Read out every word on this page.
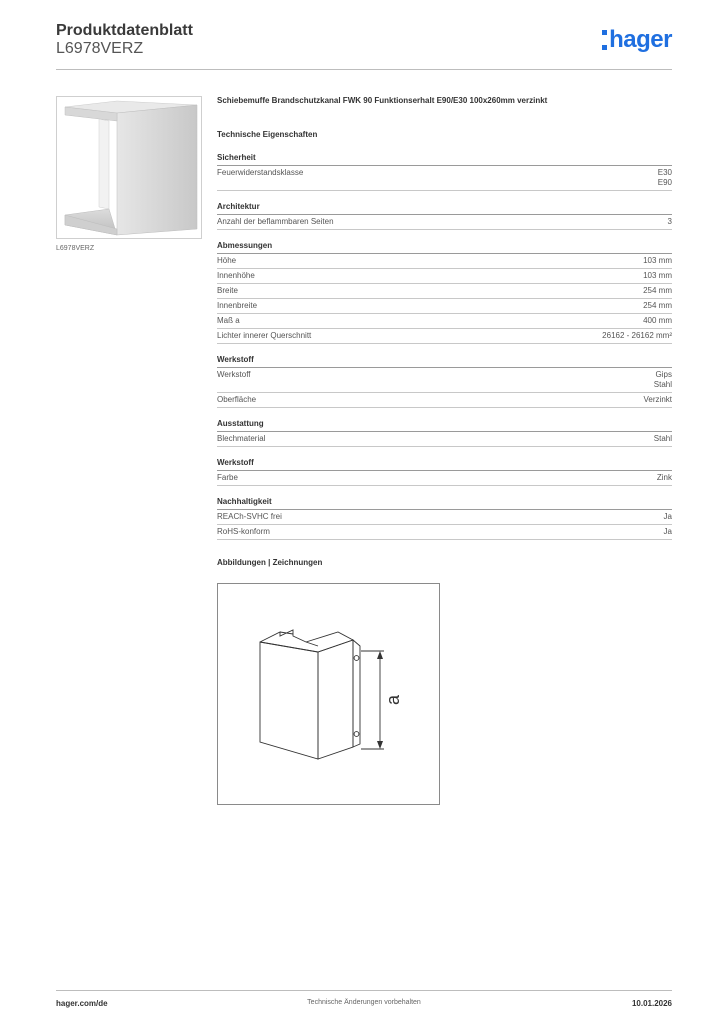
Produktdatenblatt
L6978VERZ	hager
L6978VERZ
Schiebemuffe Brandschutzkanal FWK 90 Funktionserhalt E90/E30 100x260mm verzinkt
Technische Eigenschaften
Sicherheit
Feuerwiderstandsklasse	E30
E90
Architektur
Anzahl der beflammbaren Seiten	3
Abmessungen
Höhe	103 mm
Innenhöhe	103 mm
Breite	254 mm
Innenbreite	254 mm
Maß a	400 mm
Lichter innerer Querschnitt	26162 - 26162 mm²
Werkstoff
Werkstoff	Gips
Stahl
Oberfläche	Verzinkt
Ausstattung
Blechmaterial	Stahl
Werkstoff
Farbe	Zink
Nachhaltigkeit
REACh-SVHC frei	Ja
RoHS-konform	Ja
Abbildungen | Zeichnungen
a
hager.com/de	Technische Änderungen vorbehalten	10.01.2026
